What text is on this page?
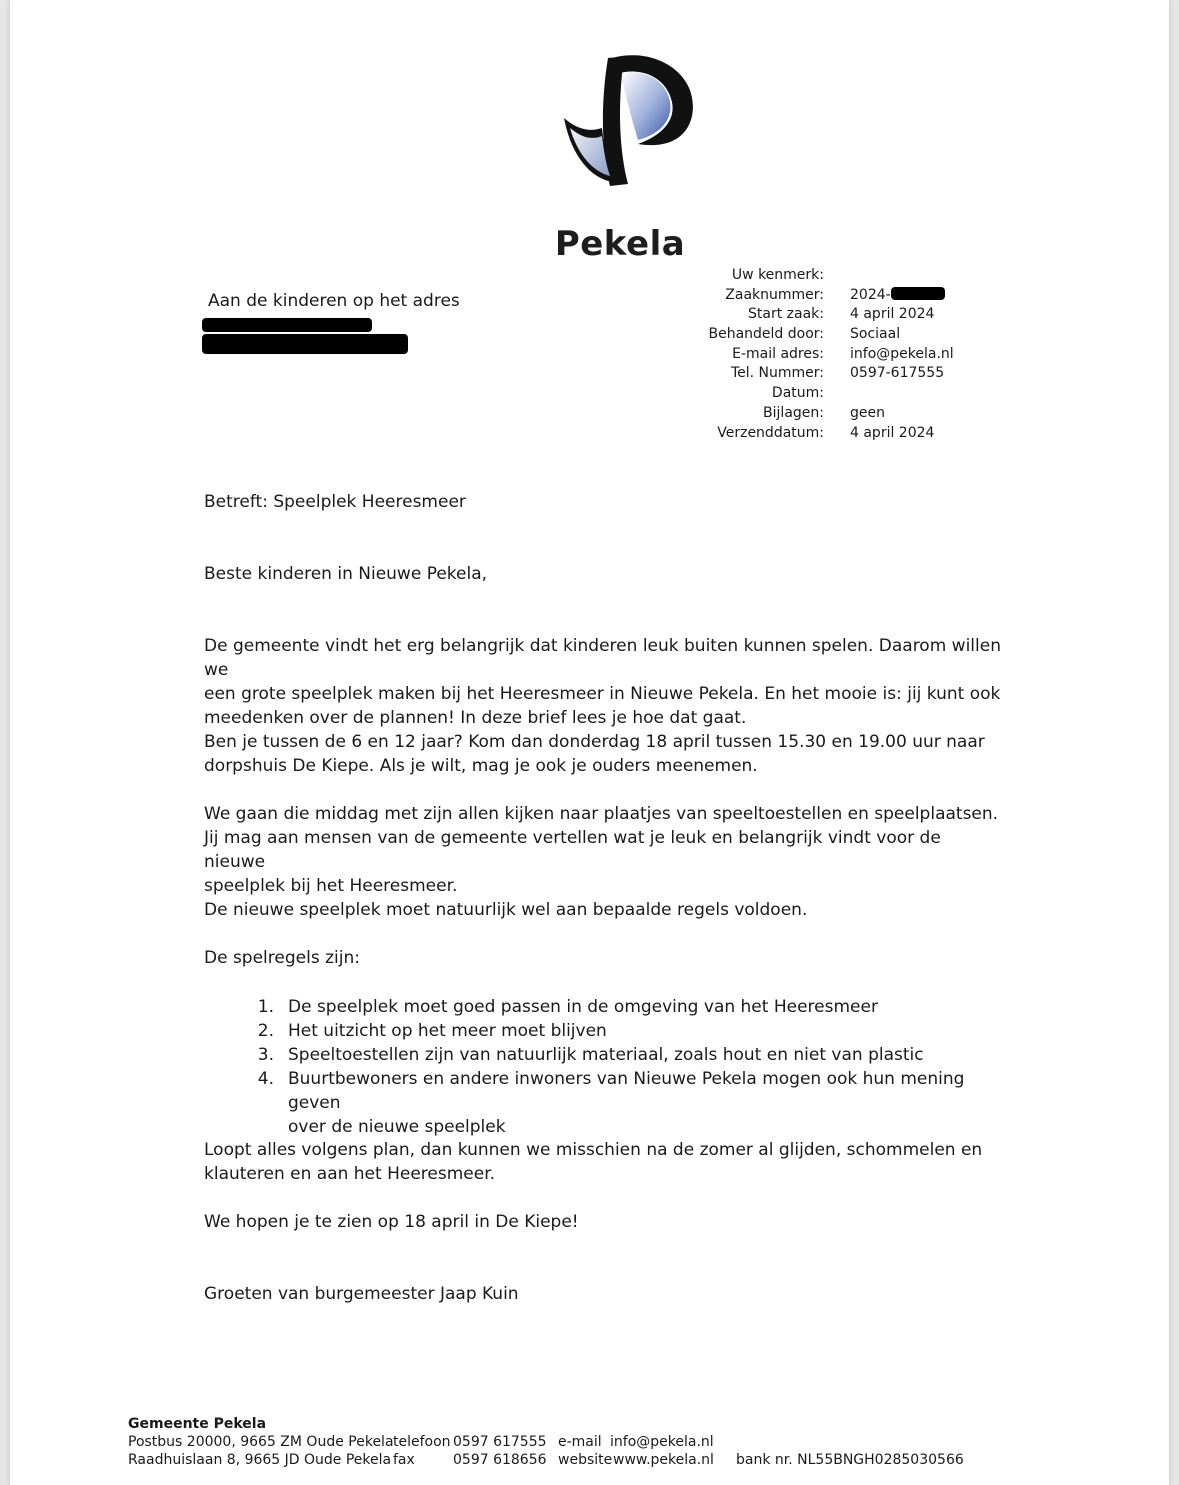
Pekela
Aan de kinderen op het adres
Uw kenmerk:
Zaaknummer:
Start zaak:
Behandeld door:
E-mail adres:
Tel. Nummer:
Datum:
Bijlagen:
Verzenddatum:
2024-
4 april 2024
Sociaal
info@pekela.nl
0597-617555
geen
4 april 2024
Betreft: Speelplek Heeresmeer
Beste kinderen in Nieuwe Pekela,

De gemeente vindt het erg belangrijk dat kinderen leuk buiten kunnen spelen. Daarom willen we

een grote speelplek maken bij het Heeresmeer in Nieuwe Pekela. En het mooie is: jij kunt ook

meedenken over de plannen! In deze brief lees je hoe dat gaat.

Ben je tussen de 6 en 12 jaar? Kom dan donderdag 18 april tussen 15.30 en 19.00 uur naar

dorpshuis De Kiepe. Als je wilt, mag je ook je ouders meenemen.

We gaan die middag met zijn allen kijken naar plaatjes van speeltoestellen en speelplaatsen.

Jij mag aan mensen van de gemeente vertellen wat je leuk en belangrijk vindt voor de nieuwe

speelplek bij het Heeresmeer.

De nieuwe speelplek moet natuurlijk wel aan bepaalde regels voldoen.
De spelregels zijn:
1. De speelplek moet goed passen in de omgeving van het Heeresmeer
2. Het uitzicht op het meer moet blijven
3. Speeltoestellen zijn van natuurlijk materiaal, zoals hout en niet van plastic
4. Buurtbewoners en andere inwoners van Nieuwe Pekela mogen ook hun mening geven
over de nieuwe speelplek

Loopt alles volgens plan, dan kunnen we misschien na de zomer al glijden, schommelen en

klauteren en aan het Heeresmeer.

We hopen je te zien op 18 april in De Kiepe!
Groeten van burgemeester Jaap Kuin
Gemeente Pekela
Postbus 20000, 9665 ZM Oude Pekela
Raadhuislaan 8, 9665 JD Oude Pekela
telefoon 0597 617555
fax	0597 618656
e-mail info@pekela.nl
website www.pekela.nl bank nr. NL55BNGH0285030566
